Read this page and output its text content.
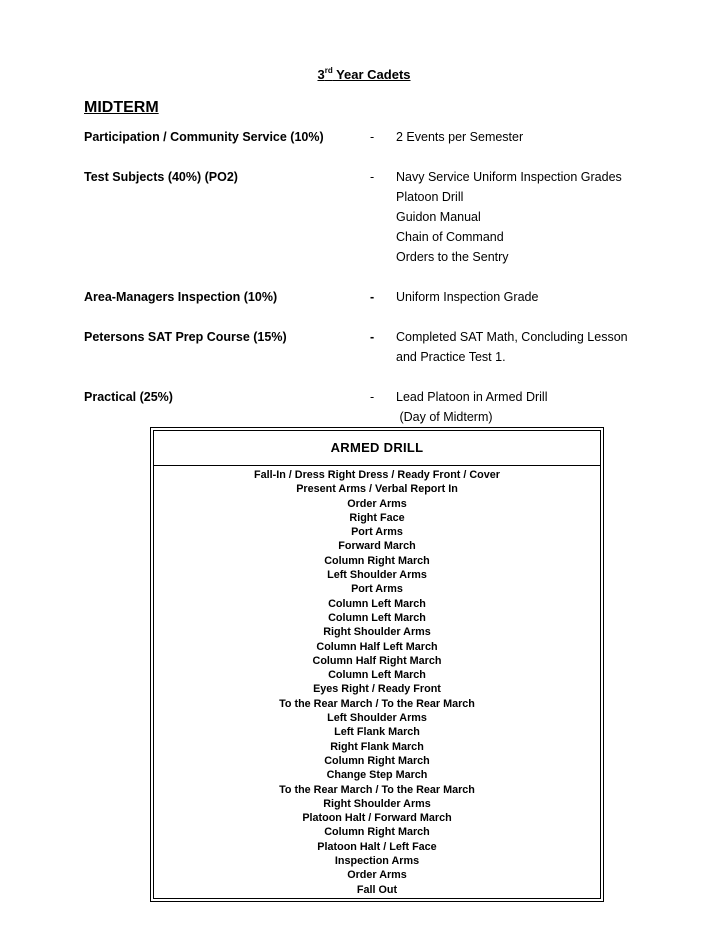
3rd Year Cadets
MIDTERM
Participation / Community Service (10%)	- 2 Events per Semester
Test Subjects (40%) (PO2)	- Navy Service Uniform Inspection Grades
Platoon Drill
Guidon Manual
Chain of Command
Orders to the Sentry
Area-Managers Inspection (10%)	- Uniform Inspection Grade
Petersons SAT Prep Course (15%)	- Completed SAT Math, Concluding Lesson
and Practice Test 1.
Practical (25%)	- Lead Platoon in Armed Drill
(Day of Midterm)
ARMED DRILL
Fall-In / Dress Right Dress / Ready Front / Cover
Present Arms / Verbal Report In
Order Arms
Right Face
Port Arms
Forward March
Column Right March
Left Shoulder Arms
Port Arms
Column Left March
Column Left March
Right Shoulder Arms
Column Half Left March
Column Half Right March
Column Left March
Eyes Right / Ready Front
To the Rear March / To the Rear March
Left Shoulder Arms
Left Flank March
Right Flank March
Column Right March
Change Step March
To the Rear March / To the Rear March
Right Shoulder Arms
Platoon Halt / Forward March
Column Right March
Platoon Halt / Left Face
Inspection Arms
Order Arms
Fall Out
